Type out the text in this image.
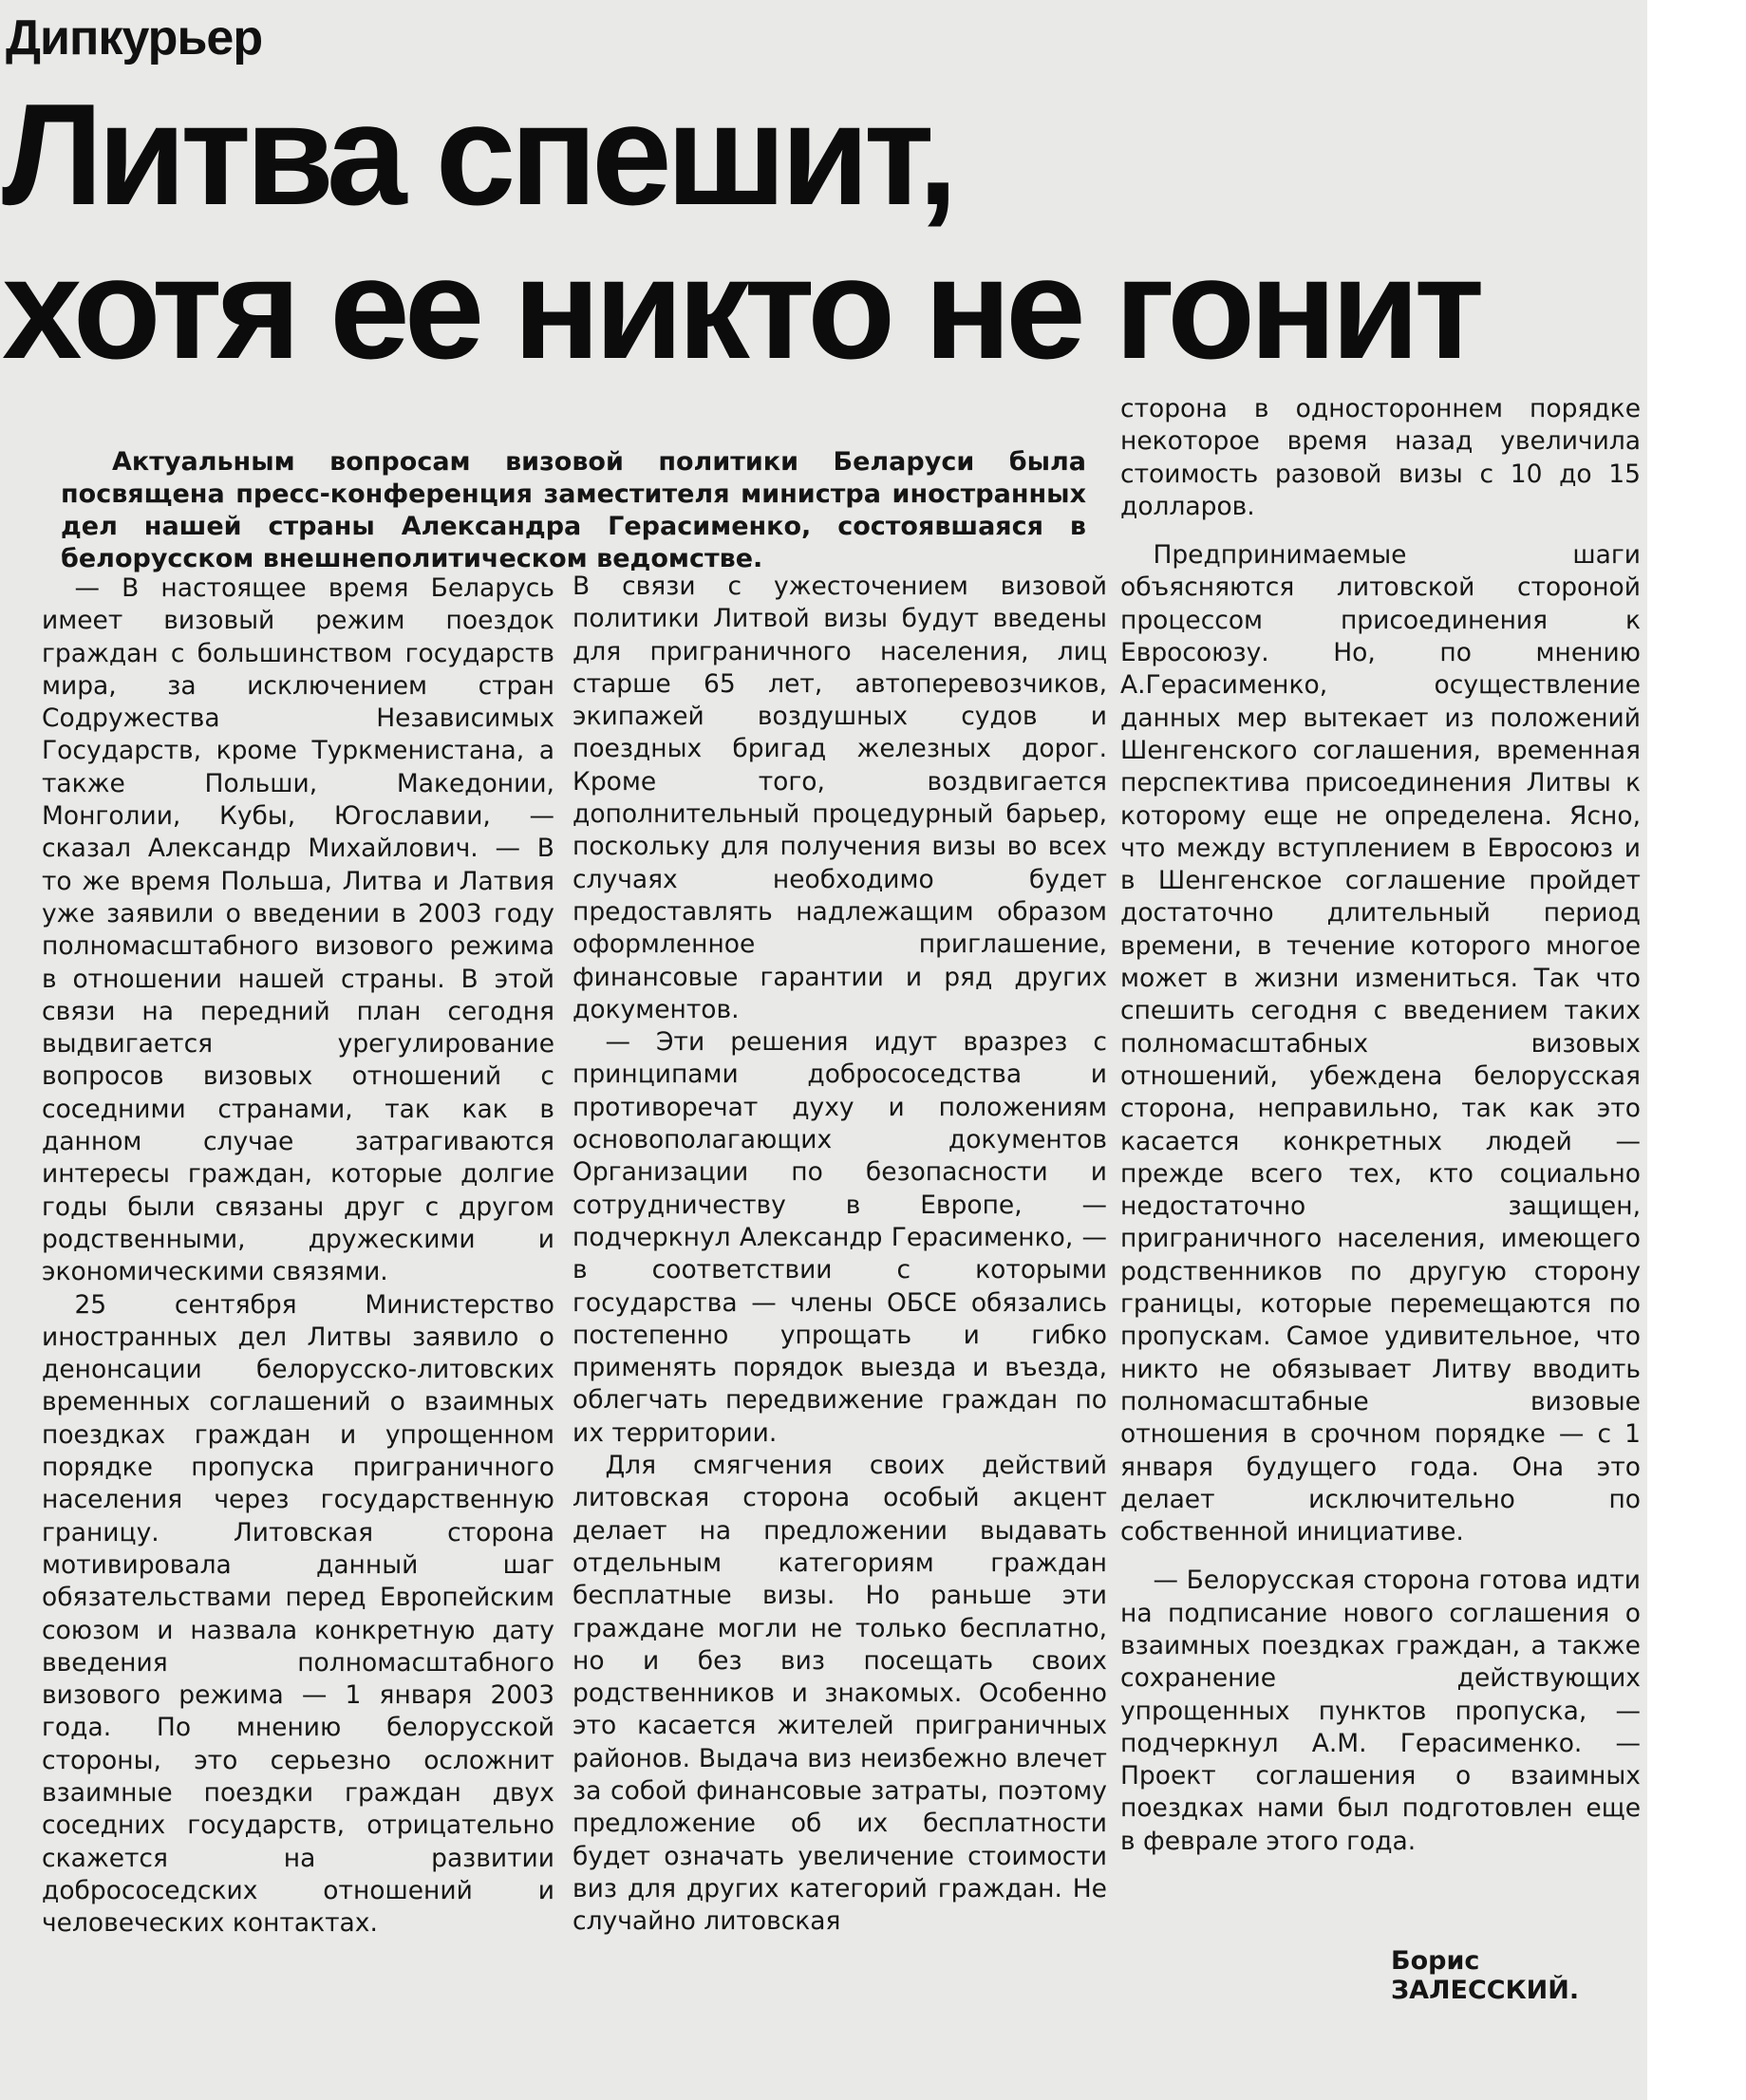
Дипкурьер
Литва спешит,
хотя ее никто не гонит

Актуальным вопросам визовой политики Беларуси была посвящена пресс-конференция заместителя министра иностранных дел нашей страны Александра Герасименко, состоявшаяся в белорусском внешнеполитическом ведомстве.

— В настоящее время Беларусь имеет визовый режим поездок граждан с большинством государств мира, за исключением стран Содружества Независимых Государств, кроме Туркменистана, а также Польши, Македонии, Монголии, Кубы, Югославии, — сказал Александр Михайлович. — В то же время Польша, Литва и Латвия уже заявили о введении в 2003 году полномасштабного визового режима в отношении нашей страны. В этой связи на передний план сегодня выдвигается урегулирование вопросов визовых отношений с соседними странами, так как в данном случае затрагиваются интересы граждан, которые долгие годы были связаны друг с другом родственными, дружескими и экономическими связями.

25 сентября Министерство иностранных дел Литвы заявило о денонсации белорусско-литовских временных соглашений о взаимных поездках граждан и упрощенном порядке пропуска приграничного населения через государственную границу. Литовская сторона мотивировала данный шаг обязательствами перед Европейским союзом и назвала конкретную дату введения полномасштабного визового режима — 1 января 2003 года. По мнению белорусской стороны, это серьезно осложнит взаимные поездки граждан двух соседних государств, отрицательно скажется на развитии добрососедских отношений и человеческих контактах.

В связи с ужесточением визовой политики Литвой визы будут введены для приграничного населения, лиц старше 65 лет, автоперевозчиков, экипажей воздушных судов и поездных бригад железных дорог. Кроме того, воздвигается дополнительный процедурный барьер, поскольку для получения визы во всех случаях необходимо будет предоставлять надлежащим образом оформленное приглашение, финансовые гарантии и ряд других документов.

— Эти решения идут вразрез с принципами добрососедства и противоречат духу и положениям основополагающих документов Организации по безопасности и сотрудничеству в Европе, — подчеркнул Александр Герасименко, — в соответствии с которыми государства — члены ОБСЕ обязались постепенно упрощать и гибко применять порядок выезда и въезда, облегчать передвижение граждан по их территории.

Для смягчения своих действий литовская сторона особый акцент делает на предложении выдавать отдельным категориям граждан бесплатные визы. Но раньше эти граждане могли не только бесплатно, но и без виз посещать своих родственников и знакомых. Особенно это касается жителей приграничных районов. Выдача виз неизбежно влечет за собой финансовые затраты, поэтому предложение об их бесплатности будет означать увеличение стоимости виз для других категорий граждан. Не случайно литовская

сторона в одностороннем порядке некоторое время назад увеличила стоимость разовой визы с 10 до 15 долларов.

Предпринимаемые шаги объясняются литовской стороной процессом присоединения к Евросоюзу. Но, по мнению А.Герасименко, осуществление данных мер вытекает из положений Шенгенского соглашения, временная перспектива присоединения Литвы к которому еще не определена. Ясно, что между вступлением в Евросоюз и в Шенгенское соглашение пройдет достаточно длительный период времени, в течение которого многое может в жизни измениться. Так что спешить сегодня с введением таких полномасштабных визовых отношений, убеждена белорусская сторона, неправильно, так как это касается конкретных людей — прежде всего тех, кто социально недостаточно защищен, приграничного населения, имеющего родственников по другую сторону границы, которые перемещаются по пропускам. Самое удивительное, что никто не обязывает Литву вводить полномасштабные визовые отношения в срочном порядке — с 1 января будущего года. Она это делает исключительно по собственной инициативе.

— Белорусская сторона готова идти на подписание нового соглашения о взаимных поездках граждан, а также сохранение действующих упрощенных пунктов пропуска, — подчеркнул А.М. Герасименко. — Проект соглашения о взаимных поездках нами был подготовлен еще в феврале этого года.

Борис ЗАЛЕССКИЙ.
